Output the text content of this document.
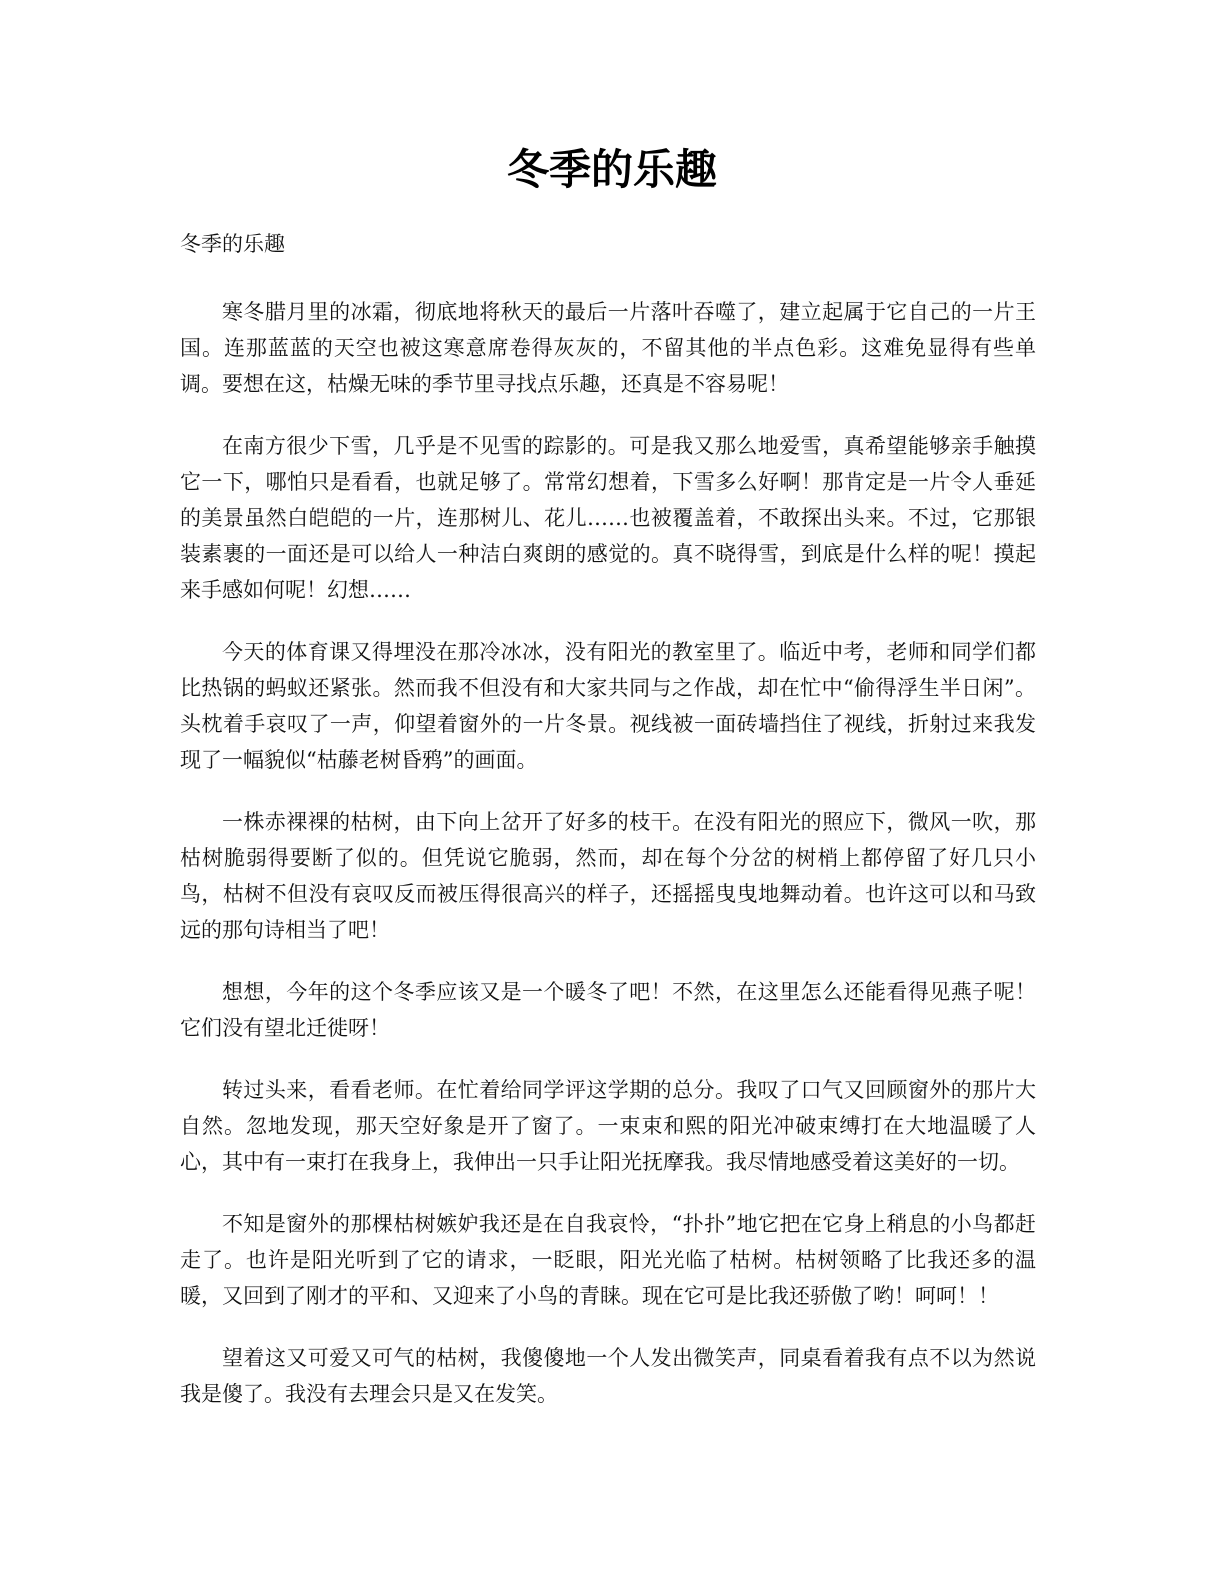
冬季的乐趣

冬季的乐趣

寒冬腊月里的冰霜，彻底地将秋天的最后一片落叶吞噬了，建立起属于它自己的一片王国。连那蓝蓝的天空也被这寒意席卷得灰灰的，不留其他的半点色彩。这难免显得有些单调。要想在这，枯燥无味的季节里寻找点乐趣，还真是不容易呢！

在南方很少下雪，几乎是不见雪的踪影的。可是我又那么地爱雪，真希望能够亲手触摸它一下，哪怕只是看看，也就足够了。常常幻想着，下雪多么好啊！那肯定是一片令人垂延的美景虽然白皑皑的一片，连那树儿、花儿……也被覆盖着，不敢探出头来。不过，它那银装素裹的一面还是可以给人一种洁白爽朗的感觉的。真不晓得雪，到底是什么样的呢！摸起来手感如何呢！幻想……

今天的体育课又得埋没在那冷冰冰，没有阳光的教室里了。临近中考，老师和同学们都比热锅的蚂蚁还紧张。然而我不但没有和大家共同与之作战，却在忙中“偷得浮生半日闲”。头枕着手哀叹了一声，仰望着窗外的一片冬景。视线被一面砖墙挡住了视线，折射过来我发现了一幅貌似“枯藤老树昏鸦”的画面。

一株赤裸裸的枯树，由下向上岔开了好多的枝干。在没有阳光的照应下，微风一吹，那枯树脆弱得要断了似的。但凭说它脆弱，然而，却在每个分岔的树梢上都停留了好几只小鸟，枯树不但没有哀叹反而被压得很高兴的样子，还摇摇曳曳地舞动着。也许这可以和马致远的那句诗相当了吧！

想想，今年的这个冬季应该又是一个暖冬了吧！不然，在这里怎么还能看得见燕子呢！它们没有望北迁徙呀！

转过头来，看看老师。在忙着给同学评这学期的总分。我叹了口气又回顾窗外的那片大自然。忽地发现，那天空好象是开了窗了。一束束和熙的阳光冲破束缚打在大地温暖了人心，其中有一束打在我身上，我伸出一只手让阳光抚摩我。我尽情地感受着这美好的一切。

不知是窗外的那棵枯树嫉妒我还是在自我哀怜，“扑扑”地它把在它身上稍息的小鸟都赶走了。也许是阳光听到了它的请求，一眨眼，阳光光临了枯树。枯树领略了比我还多的温暖，又回到了刚才的平和、又迎来了小鸟的青睐。现在它可是比我还骄傲了哟！呵呵！！

望着这又可爱又可气的枯树，我傻傻地一个人发出微笑声，同桌看着我有点不以为然说我是傻了。我没有去理会只是又在发笑。
